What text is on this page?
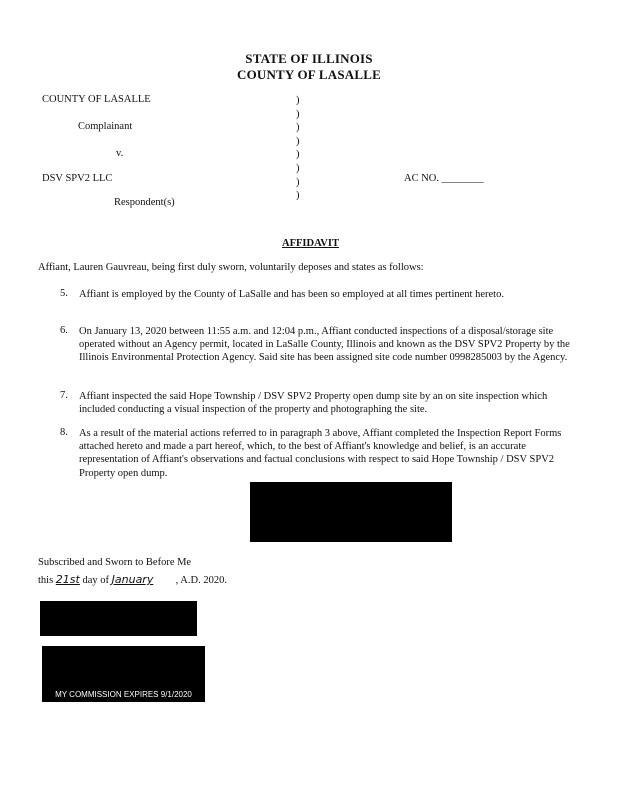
STATE OF ILLINOIS
COUNTY OF LASALLE
COUNTY OF LASALLE
Complainant
v.
DSV SPV2 LLC
Respondent(s)
)
)
)
)
)
)
)
)
AC NO. ________
AFFIDAVIT
Affiant, Lauren Gauvreau, being first duly sworn, voluntarily deposes and states as follows:
5. Affiant is employed by the County of LaSalle and has been so employed at all times pertinent hereto.
6. On January 13, 2020 between 11:55 a.m. and 12:04 p.m., Affiant conducted inspections of a disposal/storage site operated without an Agency permit, located in LaSalle County, Illinois and known as the DSV SPV2 Property by the Illinois Environmental Protection Agency. Said site has been assigned site code number 0998285003 by the Agency.
7. Affiant inspected the said Hope Township / DSV SPV2 Property open dump site by an on site inspection which included conducting a visual inspection of the property and photographing the site.
8. As a result of the material actions referred to in paragraph 3 above, Affiant completed the Inspection Report Forms attached hereto and made a part hereof, which, to the best of Affiant's knowledge and belief, is an accurate representation of Affiant's observations and factual conclusions with respect to said Hope Township / DSV SPV2 Property open dump.
Subscribed and Sworn to Before Me
this 21st day of January , A.D. 2020.
MY COMMISSION EXPIRES 9/1/2020
